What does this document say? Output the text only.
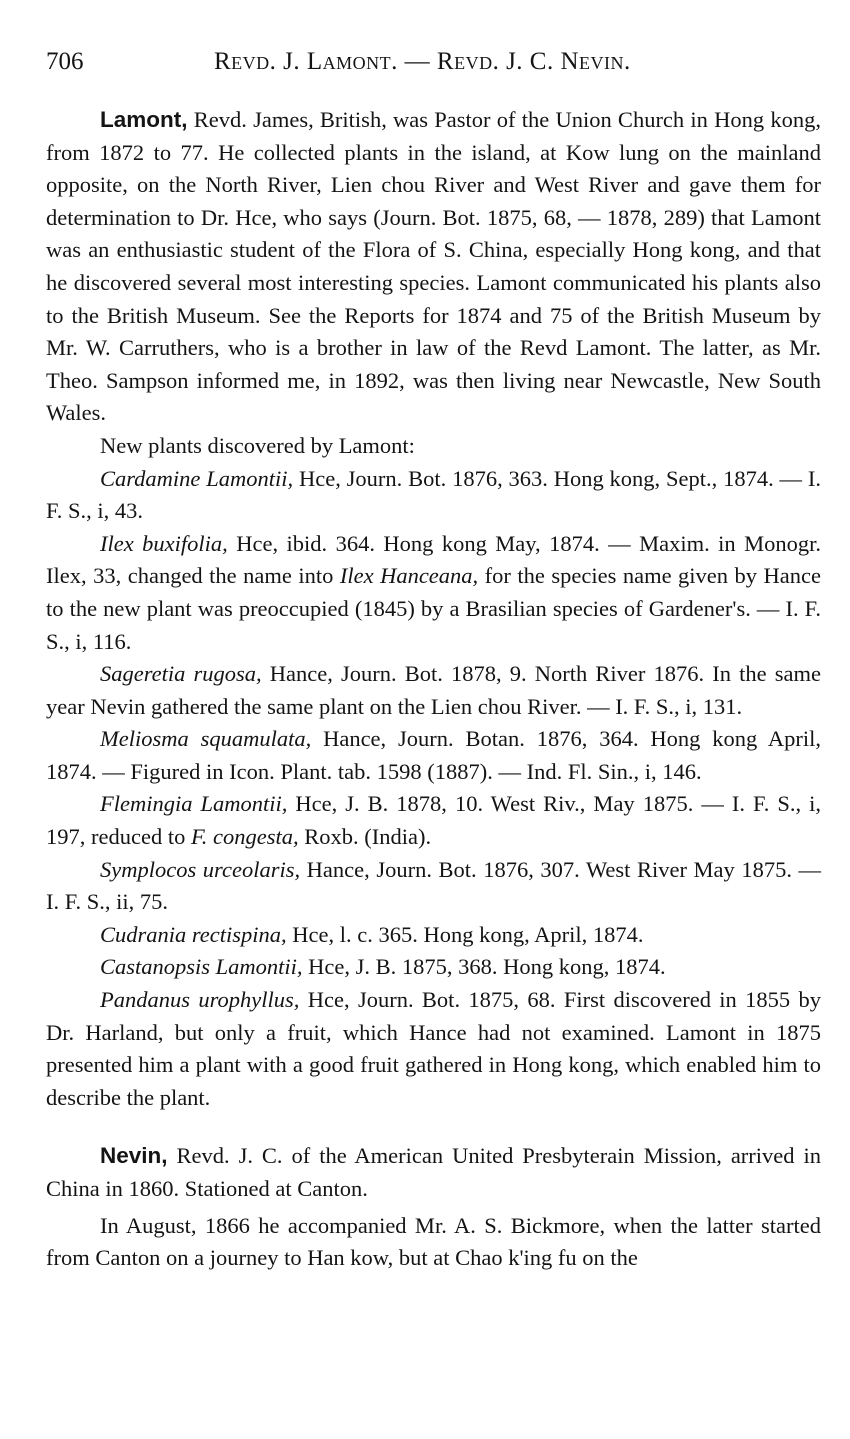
706	Revd. J. Lamont. — Revd. J. C. Nevin.

Lamont, Revd. James, British, was Pastor of the Union Church in Hong kong, from 1872 to 77. He collected plants in the island, at Kow lung on the mainland opposite, on the North River, Lien chou River and West River and gave them for determination to Dr. Hce, who says (Journ. Bot. 1875, 68, — 1878, 289) that Lamont was an enthusiastic student of the Flora of S. China, especially Hong kong, and that he discovered several most interesting species. Lamont communicated his plants also to the British Museum. See the Reports for 1874 and 75 of the British Museum by Mr. W. Carruthers, who is a brother in law of the Revd Lamont. The latter, as Mr. Theo. Sampson informed me, in 1892, was then living near Newcastle, New South Wales.

New plants discovered by Lamont:

Cardamine Lamontii, Hce, Journ. Bot. 1876, 363. Hong kong, Sept., 1874. — I. F. S., i, 43.

Ilex buxifolia, Hce, ibid. 364. Hong kong May, 1874. — Maxim. in Monogr. Ilex, 33, changed the name into Ilex Hanceana, for the species name given by Hance to the new plant was preoccupied (1845) by a Brasilian species of Gardener's. — I. F. S., i, 116.

Sageretia rugosa, Hance, Journ. Bot. 1878, 9. North River 1876. In the same year Nevin gathered the same plant on the Lien chou River. — I. F. S., i, 131.

Meliosma squamulata, Hance, Journ. Botan. 1876, 364. Hong kong April, 1874. — Figured in Icon. Plant. tab. 1598 (1887). — Ind. Fl. Sin., i, 146.

Flemingia Lamontii, Hce, J. B. 1878, 10. West Riv., May 1875. — I. F. S., i, 197, reduced to F. congesta, Roxb. (India).

Symplocos urceolaris, Hance, Journ. Bot. 1876, 307. West River May 1875. — I. F. S., ii, 75.

Cudrania rectispina, Hce, l. c. 365. Hong kong, April, 1874.

Castanopsis Lamontii, Hce, J. B. 1875, 368. Hong kong, 1874.

Pandanus urophyllus, Hce, Journ. Bot. 1875, 68. First discovered in 1855 by Dr. Harland, but only a fruit, which Hance had not examined. Lamont in 1875 presented him a plant with a good fruit gathered in Hong kong, which enabled him to describe the plant.

Nevin, Revd. J. C. of the American United Presbyterain Mission, arrived in China in 1860. Stationed at Canton.

In August, 1866 he accompanied Mr. A. S. Bickmore, when the latter started from Canton on a journey to Han kow, but at Chao k'ing fu on the
